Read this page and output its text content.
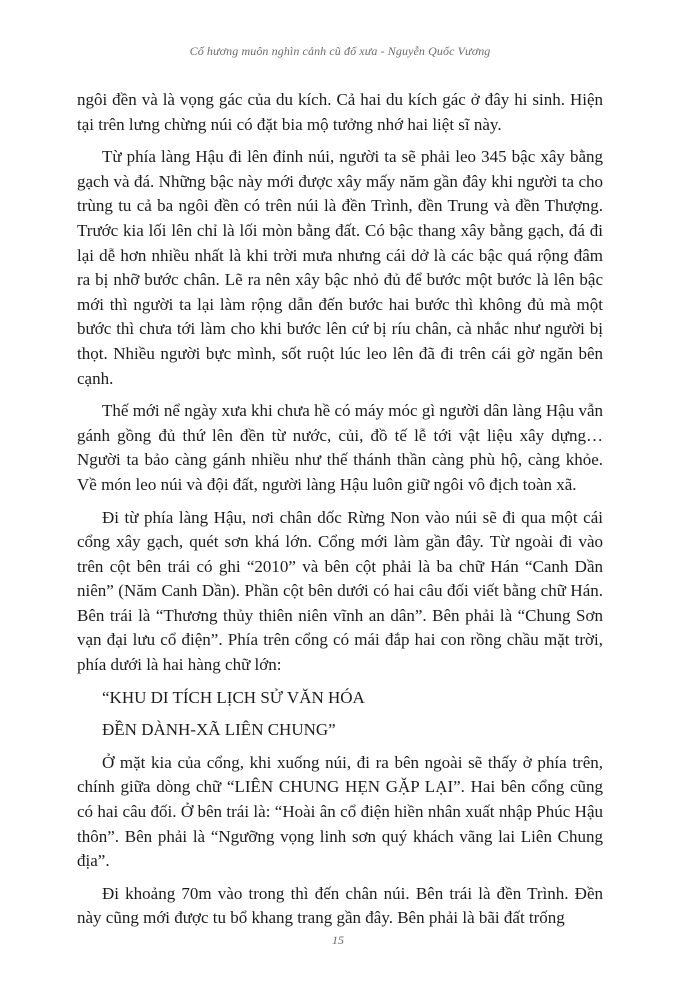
Cố hương muôn nghìn cảnh cũ đổ xưa - Nguyễn Quốc Vương

ngôi đền và là vọng gác của du kích. Cả hai du kích gác ở đây hi sinh. Hiện tại trên lưng chừng núi có đặt bia mộ tưởng nhớ hai liệt sĩ này.

Từ phía làng Hậu đi lên đỉnh núi, người ta sẽ phải leo 345 bậc xây bằng gạch và đá. Những bậc này mới được xây mấy năm gần đây khi người ta cho trùng tu cả ba ngôi đền có trên núi là đền Trình, đền Trung và đền Thượng. Trước kia lối lên chỉ là lối mòn bằng đất. Có bậc thang xây bằng gạch, đá đi lại dễ hơn nhiều nhất là khi trời mưa nhưng cái dở là các bậc quá rộng đâm ra bị nhỡ bước chân. Lẽ ra nên xây bậc nhỏ đủ để bước một bước là lên bậc mới thì người ta lại làm rộng dẫn đến bước hai bước thì không đủ mà một bước thì chưa tới làm cho khi bước lên cứ bị ríu chân, cà nhắc như người bị thọt. Nhiều người bực mình, sốt ruột lúc leo lên đã đi trên cái gờ ngăn bên cạnh.

Thế mới nể ngày xưa khi chưa hề có máy móc gì người dân làng Hậu vẫn gánh gồng đủ thứ lên đền từ nước, củi, đồ tế lễ tới vật liệu xây dựng… Người ta bảo càng gánh nhiều như thế thánh thần càng phù hộ, càng khỏe. Về món leo núi và đội đất, người làng Hậu luôn giữ ngôi vô địch toàn xã.

Đi từ phía làng Hậu, nơi chân dốc Rừng Non vào núi sẽ đi qua một cái cổng xây gạch, quét sơn khá lớn. Cổng mới làm gần đây. Từ ngoài đi vào trên cột bên trái có ghi “2010” và bên cột phải là ba chữ Hán “Canh Dần niên” (Năm Canh Dần). Phần cột bên dưới có hai câu đối viết bằng chữ Hán. Bên trái là “Thương thủy thiên niên vĩnh an dân”. Bên phải là “Chung Sơn vạn đại lưu cổ điện”. Phía trên cổng có mái đắp hai con rồng chầu mặt trời, phía dưới là hai hàng chữ lớn:

“KHU DI TÍCH LỊCH SỬ VĂN HÓA

ĐỀN DÀNH-XÃ LIÊN CHUNG”

Ở mặt kia của cổng, khi xuống núi, đi ra bên ngoài sẽ thấy ở phía trên, chính giữa dòng chữ “LIÊN CHUNG HẸN GẶP LẠI”. Hai bên cổng cũng có hai câu đối. Ở bên trái là: “Hoài ân cổ điện hiền nhân xuất nhập Phúc Hậu thôn”. Bên phải là “Ngưỡng vọng linh sơn quý khách vãng lai Liên Chung địa”.

Đi khoảng 70m vào trong thì đến chân núi. Bên trái là đền Trình. Đền này cũng mới được tu bổ khang trang gần đây. Bên phải là bãi đất trống

15
